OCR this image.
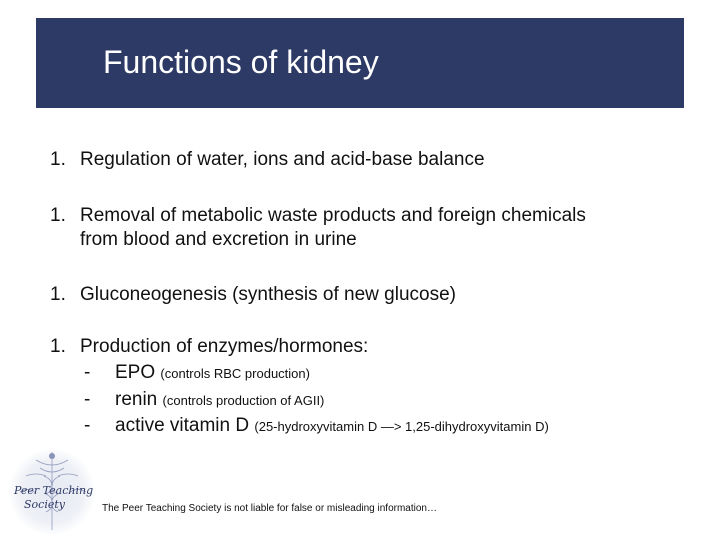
Functions of kidney
1. Regulation of water, ions and acid-base balance
1. Removal of metabolic waste products and foreign chemicals
from blood and excretion in urine
1. Gluconeogenesis (synthesis of new glucose)
1. Production of enzymes/hormones:
- EPO (controls RBC production)
- renin (controls production of AGII)
- active vitamin D (25-hydroxyvitamin D —> 1,25-dihydroxyvitamin D)
Peer Teaching
Society	The Peer Teaching Society is not liable for false or misleading information…
